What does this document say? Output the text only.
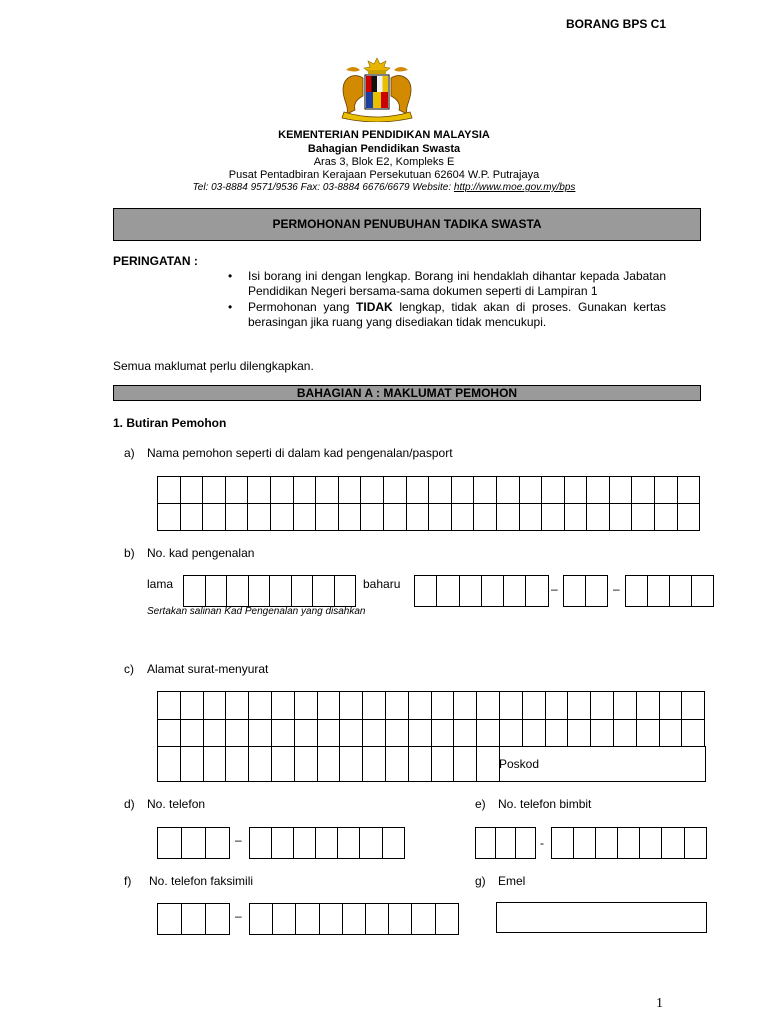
BORANG BPS C1
KEMENTERIAN PENDIDIKAN MALAYSIA
Bahagian Pendidikan Swasta
Aras 3, Blok E2, Kompleks E
Pusat Pentadbiran Kerajaan Persekutuan 62604 W.P. Putrajaya
Tel: 03-8884 9571/9536 Fax: 03-8884 6676/6679 Website: http://www.moe.gov.my/bps
PERMOHONAN PENUBUHAN TADIKA SWASTA
PERINGATAN :
•	Isi borang ini dengan lengkap. Borang ini hendaklah dihantar kepada Jabatan Pendidikan Negeri bersama-sama dokumen seperti di Lampiran 1
•	Permohonan yang TIDAK lengkap, tidak akan di proses. Gunakan kertas berasingan jika ruang yang disediakan tidak mencukupi.
Semua maklumat perlu dilengkapkan.
BAHAGIAN A : MAKLUMAT PEMOHON
1. Butiran Pemohon
a) Nama pemohon seperti di dalam kad pengenalan/pasport
b) No. kad pengenalan
lama	baharu	–	–
Sertakan salinan Kad Pengenalan yang disahkan
c) Alamat surat-menyurat
Poskod
d) No. telefon
–
e) No. telefon bimbit
-
f) No. telefon faksimili
–
g) Emel
1
